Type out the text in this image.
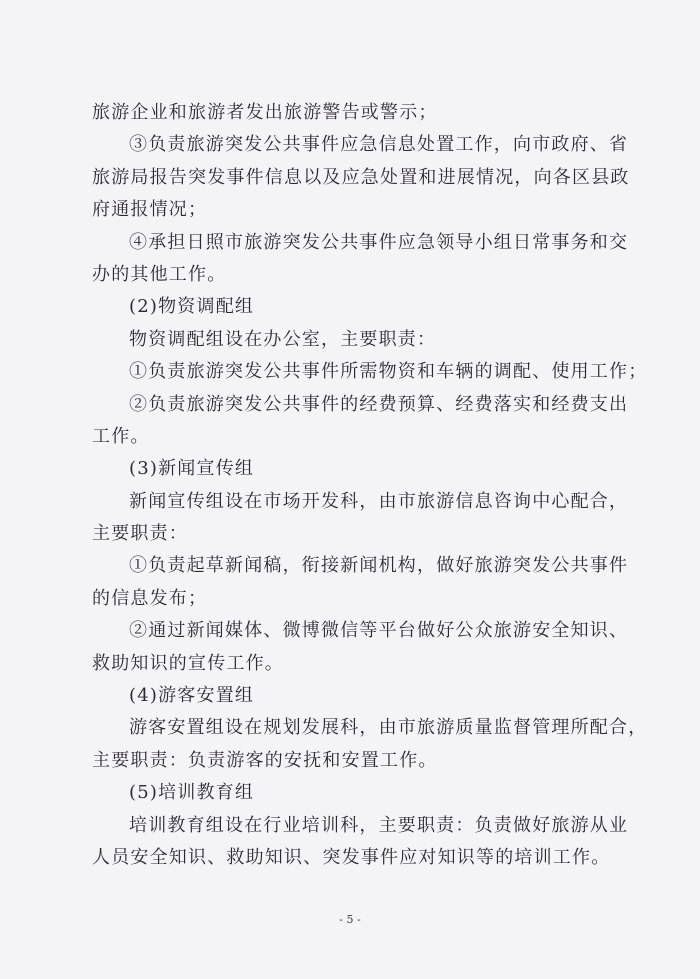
旅游企业和旅游者发出旅游警告或警示；
③负责旅游突发公共事件应急信息处置工作，向市政府、省
旅游局报告突发事件信息以及应急处置和进展情况，向各区县政
府通报情况；
④承担日照市旅游突发公共事件应急领导小组日常事务和交
办的其他工作。
(2)物资调配组
物资调配组设在办公室，主要职责：
①负责旅游突发公共事件所需物资和车辆的调配、使用工作；
②负责旅游突发公共事件的经费预算、经费落实和经费支出
工作。
(3)新闻宣传组
新闻宣传组设在市场开发科，由市旅游信息咨询中心配合，
主要职责：
①负责起草新闻稿，衔接新闻机构，做好旅游突发公共事件
的信息发布；
②通过新闻媒体、微博微信等平台做好公众旅游安全知识、
救助知识的宣传工作。
(4)游客安置组
游客安置组设在规划发展科，由市旅游质量监督管理所配合，
主要职责：负责游客的安抚和安置工作。
(5)培训教育组
培训教育组设在行业培训科，主要职责：负责做好旅游从业
人员安全知识、救助知识、突发事件应对知识等的培训工作。
- 5 -
